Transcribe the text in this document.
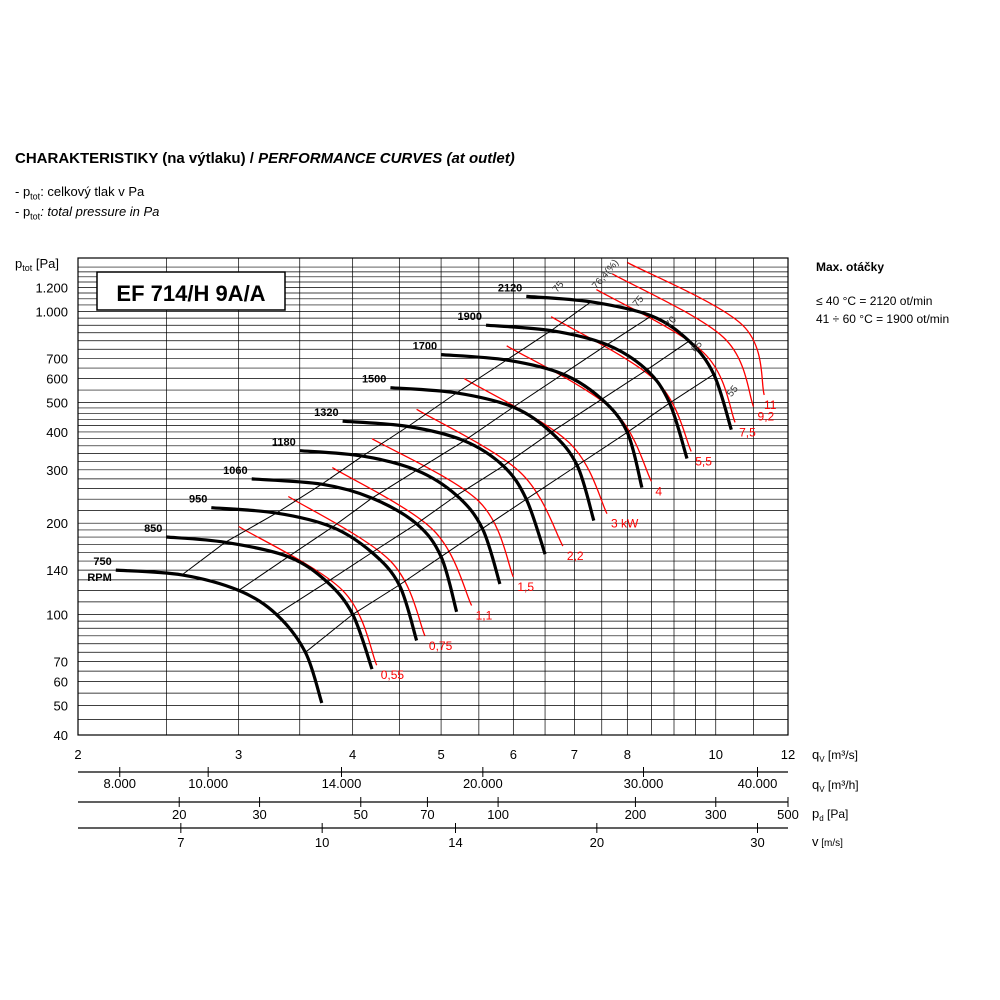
CHARAKTERISTIKY (na výtlaku) / PERFORMANCE CURVES (at outlet)
- $p_{tot}$: celkový tlak v Pa
- $p_{tot}$: total pressure in Pa
Max. otáčky
≤ 40 °C = 2120 ot/min
41 ÷ 60 °C = 1900 ot/min
EF 714/H 9A/A
0,55
0,75
1,1
1,5
2,2
3 kW
4
5,5
7,5
9,2
11
750
RPM
850
950
1060
1180
1320
1500
1700
1900
2120	75 76,4(%)
75
70
65
55
$p_{tot}$ [Pa]
40
50
60
70
100
140
200
300
400
500
600
700
1.000
1.200
2	3	4	5	6	7	8	10	12 $q_V$ [m³/s]
8.000	10.000	14.000	20.000	30.000	40.000	$q_V$ [m³/h]
20	30	50	70	100	200	300	500 $p_d$ [Pa]
7	10	14	20	30	v [m/s]
